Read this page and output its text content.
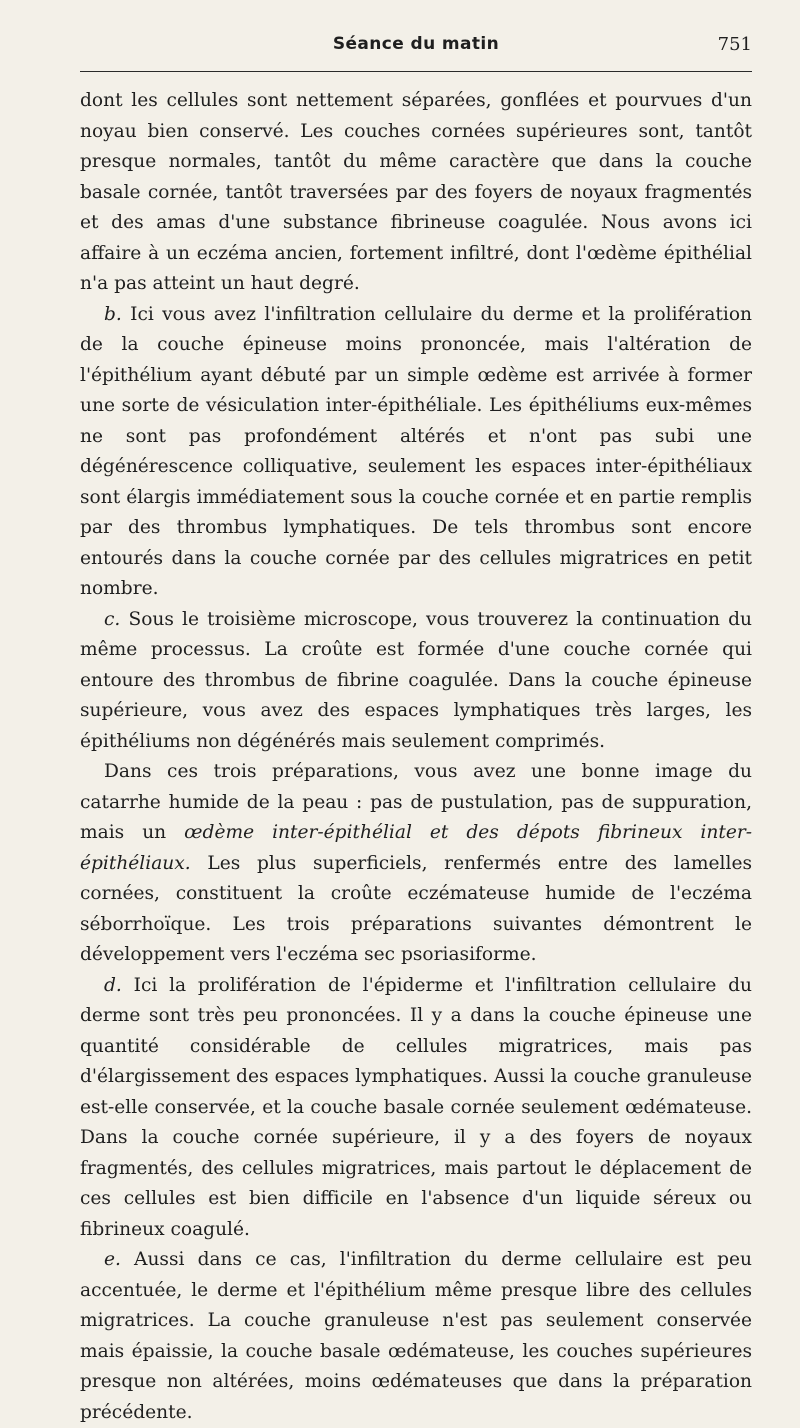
Séance du matin	751

dont les cellules sont nettement séparées, gonflées et pourvues d'un noyau bien conservé. Les couches cornées supérieures sont, tantôt presque normales, tantôt du même caractère que dans la couche basale cornée, tantôt traversées par des foyers de noyaux fragmentés et des amas d'une substance fibrineuse coagulée. Nous avons ici affaire à un eczéma ancien, fortement infiltré, dont l'œdème épithélial n'a pas atteint un haut degré.

b. Ici vous avez l'infiltration cellulaire du derme et la prolifération de la couche épineuse moins prononcée, mais l'altération de l'épithélium ayant débuté par un simple œdème est arrivée à former une sorte de vésiculation inter-épithéliale. Les épithéliums eux-mêmes ne sont pas profondément altérés et n'ont pas subi une dégénérescence colliquative, seulement les espaces inter-épithéliaux sont élargis immédiatement sous la couche cornée et en partie remplis par des thrombus lymphatiques. De tels thrombus sont encore entourés dans la couche cornée par des cellules migratrices en petit nombre.

c. Sous le troisième microscope, vous trouverez la continuation du même processus. La croûte est formée d'une couche cornée qui entoure des thrombus de fibrine coagulée. Dans la couche épineuse supérieure, vous avez des espaces lymphatiques très larges, les épithéliums non dégénérés mais seulement comprimés.

Dans ces trois préparations, vous avez une bonne image du catarrhe humide de la peau : pas de pustulation, pas de suppuration, mais un œdème inter-épithélial et des dépots fibrineux inter-épithéliaux. Les plus superficiels, renfermés entre des lamelles cornées, constituent la croûte eczémateuse humide de l'eczéma séborrhoïque. Les trois préparations suivantes démontrent le développement vers l'eczéma sec psoriasiforme.

d. Ici la prolifération de l'épiderme et l'infiltration cellulaire du derme sont très peu prononcées. Il y a dans la couche épineuse une quantité considérable de cellules migratrices, mais pas d'élargissement des espaces lymphatiques. Aussi la couche granuleuse est-elle conservée, et la couche basale cornée seulement œdémateuse. Dans la couche cornée supérieure, il y a des foyers de noyaux fragmentés, des cellules migratrices, mais partout le déplacement de ces cellules est bien difficile en l'absence d'un liquide séreux ou fibrineux coagulé.

e. Aussi dans ce cas, l'infiltration du derme cellulaire est peu accentuée, le derme et l'épithélium même presque libre des cellules migratrices. La couche granuleuse n'est pas seulement conservée mais épaissie, la couche basale œdémateuse, les couches supérieures presque non altérées, moins œdémateuses que dans la préparation précédente.
